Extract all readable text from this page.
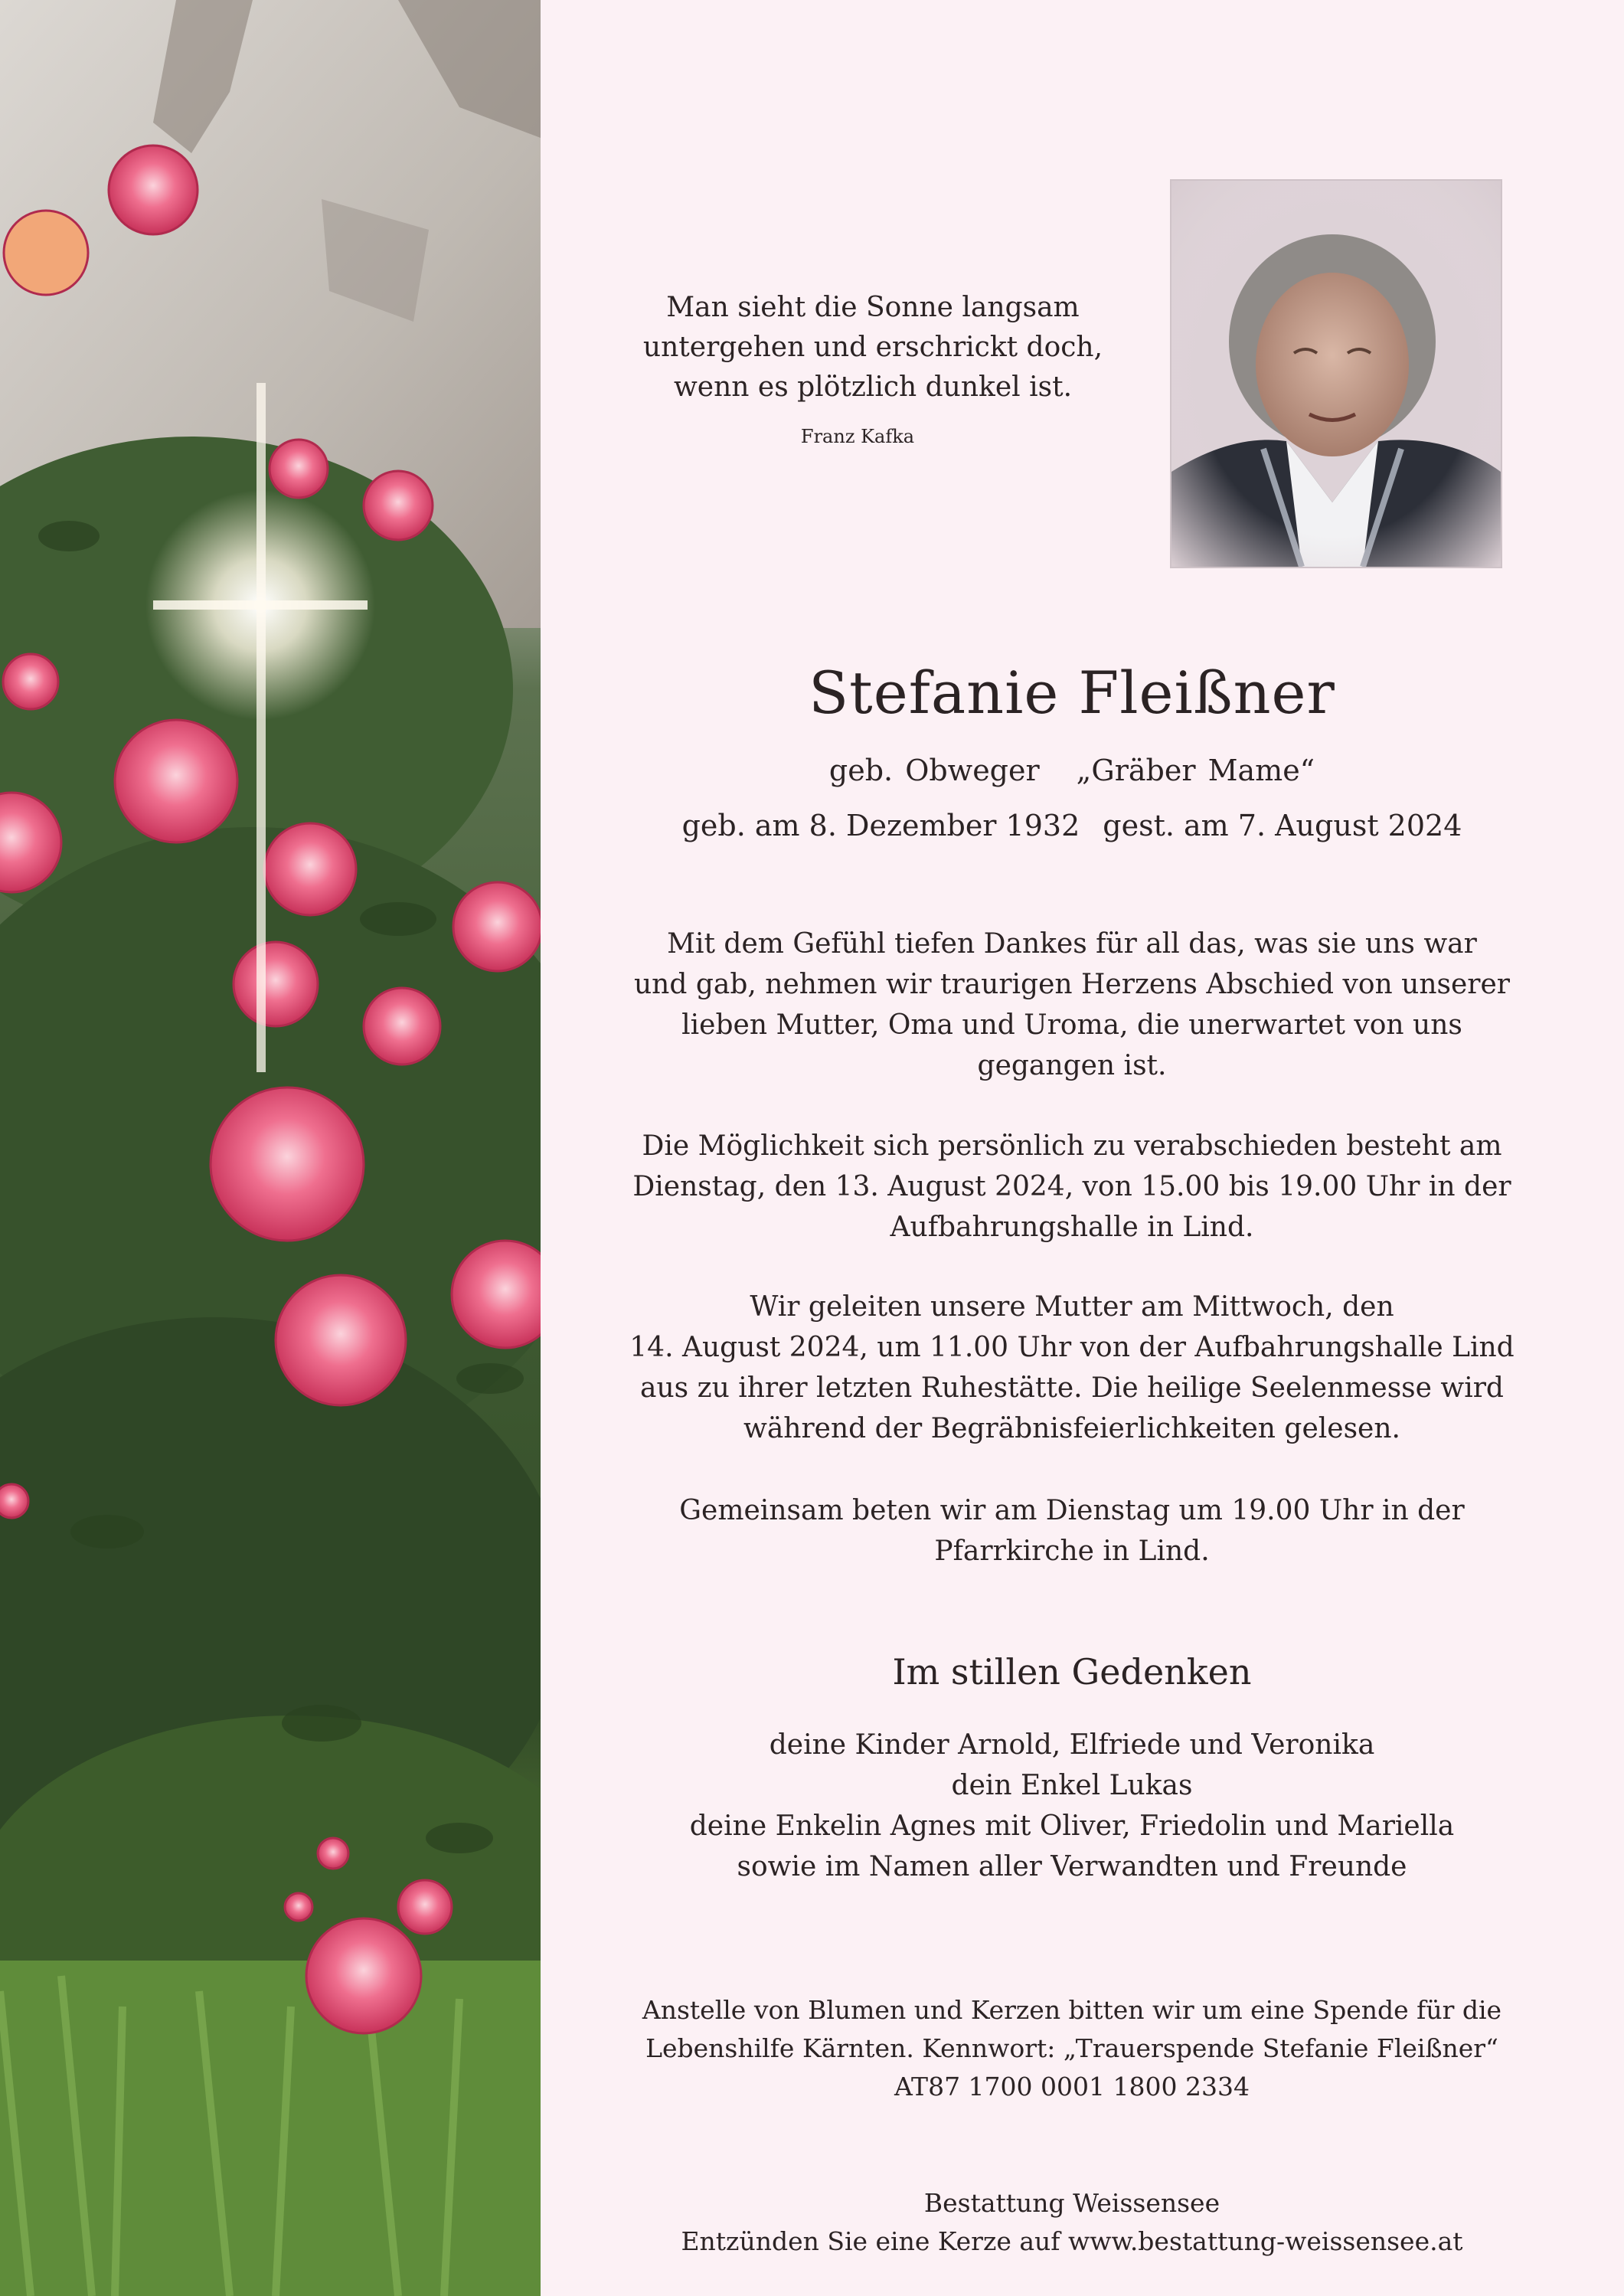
Man sieht die Sonne langsam
untergehen und erschrickt doch,
wenn es plötzlich dunkel ist.
Franz Kafka
Stefanie Fleißner
geb. Obweger „Gräber Mame“
geb. am 8. Dezember 1932 gest. am 7. August 2024
Mit dem Gefühl tiefen Dankes für all das, was sie uns war
und gab, nehmen wir traurigen Herzens Abschied von unserer
lieben Mutter, Oma und Uroma, die unerwartet von uns
gegangen ist.
Die Möglichkeit sich persönlich zu verabschieden besteht am
Dienstag, den 13. August 2024, von 15.00 bis 19.00 Uhr in der
Aufbahrungshalle in Lind.
Wir geleiten unsere Mutter am Mittwoch, den
14. August 2024, um 11.00 Uhr von der Aufbahrungshalle Lind
aus zu ihrer letzten Ruhestätte. Die heilige Seelenmesse wird
während der Begräbnisfeierlichkeiten gelesen.
Gemeinsam beten wir am Dienstag um 19.00 Uhr in der
Pfarrkirche in Lind.
Im stillen Gedenken
deine Kinder Arnold, Elfriede und Veronika
dein Enkel Lukas
deine Enkelin Agnes mit Oliver, Friedolin und Mariella
sowie im Namen aller Verwandten und Freunde
Anstelle von Blumen und Kerzen bitten wir um eine Spende für die
Lebenshilfe Kärnten. Kennwort: „Trauerspende Stefanie Fleißner“
AT87 1700 0001 1800 2334
Bestattung Weissensee
Entzünden Sie eine Kerze auf www.bestattung-weissensee.at
